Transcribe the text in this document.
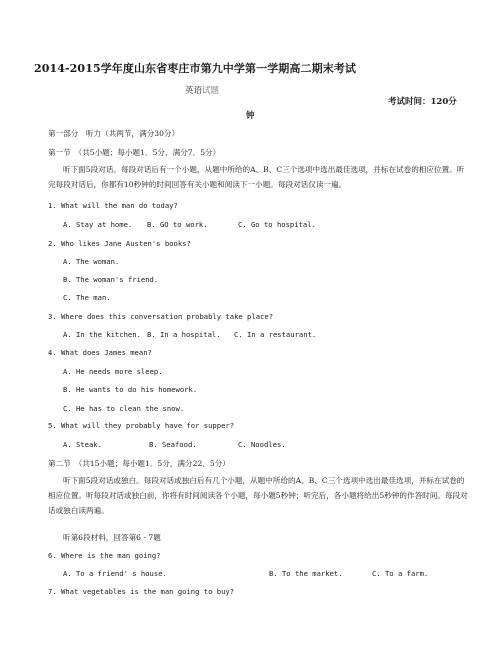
2014-2015学年度山东省枣庄市第九中学第一学期高二期末考试
英语试题
考试时间：120分
钟
第一部分　听力（共两节，满分30分）
第一节　（共5小题；每小题1．5分，满分7．5分）
听下面5段对话。每段对话后有一个小题，从题中所给的A、B、C三个选项中选出最佳选项，并标在试卷的相应位置。听完每段对话后，你都有10秒钟的时间回答有关小题和阅读下一小题。每段对话仅读一遍。
1. What will the man do today?
A. Stay at home. B. GO to work.	C. Go to hospital.
2. Who likes Jane Austen's books?
A. The woman.
B. The woman's friend.
C. The man.
3. Where does this conversation probably take place?
A. In the kitchen. B. In a hospital. C. In a restaurant.
4. What does James mean?
A. He needs more sleep.
B. He wants to do his homework.
C. He has to clean the snow.
5. What will they probably have for supper?
A. Steak.	B. Seafood.	C. Noodles.
第二节　（共15小题；每小题1．5分，满分22．5分）
听下面5段对话或独白。每段对话或独白后有几个小题，从题中所给的A、B、C三个选项中选出最佳选项，并标在试卷的相应位置。听每段对话或独白前，你将有时间阅读各个小题，每小题5秒钟；听完后，各小题将给出5秒钟的作答时间。每段对话或独白读两遍。
听第6段材料，回答第6 - 7题
6. Where is the man going?
A. To a friend' s house.	B. To the market.	C. To a farm.
7. What vegetables is the man going to buy?
